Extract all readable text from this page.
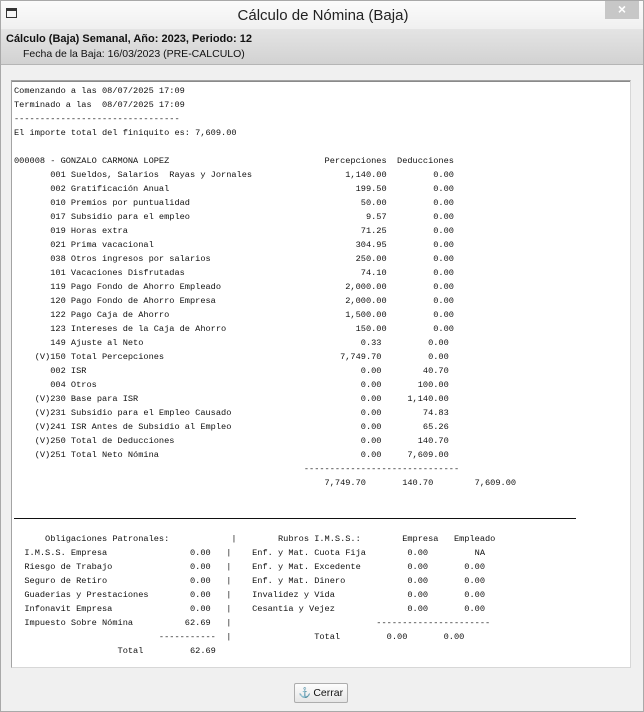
Cálculo de Nómina (Baja)	×
Cálculo (Baja) Semanal, Año: 2023, Periodo: 12
Fecha de la Baja: 16/03/2023 (PRE-CALCULO)
Comenzando a las 08/07/2025 17:09
Terminado a las  08/07/2025 17:09
--------------------------------
El importe total del finiquito es: 7,609.00
000008 - GONZALO CARMONA LOPEZ                              Percepciones  Deducciones
001 Sueldos, Salarios  Rayas y Jornales                  1,140.00         0.00
002 Gratificación Anual                                    199.50         0.00
010 Premios por puntualidad                                 50.00         0.00
017 Subsidio para el empleo                                  9.57         0.00
019 Horas extra                                             71.25         0.00
021 Prima vacacional                                       304.95         0.00
038 Otros ingresos por salarios                            250.00         0.00
101 Vacaciones Disfrutadas                                  74.10         0.00
119 Pago Fondo de Ahorro Empleado                        2,000.00         0.00
120 Pago Fondo de Ahorro Empresa                         2,000.00         0.00
122 Pago Caja de Ahorro                                  1,500.00         0.00
123 Intereses de la Caja de Ahorro                         150.00         0.00
149 Ajuste al Neto                                          0.33         0.00
(V)150 Total Percepciones                                  7,749.70         0.00
002 ISR                                                     0.00        40.70
004 Otros                                                   0.00       100.00
(V)230 Base para ISR                                           0.00     1,140.00
(V)231 Subsidio para el Empleo Causado                         0.00        74.83
(V)241 ISR Antes de Subsidio al Empleo                         0.00        65.26
(V)250 Total de Deducciones                                    0.00       140.70
(V)251 Total Neto Nómina                                       0.00     7,609.00
------------------------------
7,749.70       140.70        7,609.00
Obligaciones Patronales:            |        Rubros I.M.S.S.:        Empresa   Empleado
I.M.S.S. Empresa                0.00   |    Enf. y Mat. Cuota Fija        0.00         NA
Riesgo de Trabajo               0.00   |    Enf. y Mat. Excedente         0.00       0.00
Seguro de Retiro                0.00   |    Enf. y Mat. Dinero            0.00       0.00
Guaderias y Prestaciones        0.00   |    Invalidez y Vida              0.00       0.00
Infonavit Empresa               0.00   |    Cesantia y Vejez              0.00       0.00
Impuesto Sobre Nómina          62.69   |                            ----------------------
-----------  |                Total         0.00       0.00
Total         62.69
⚓ Cerrar
